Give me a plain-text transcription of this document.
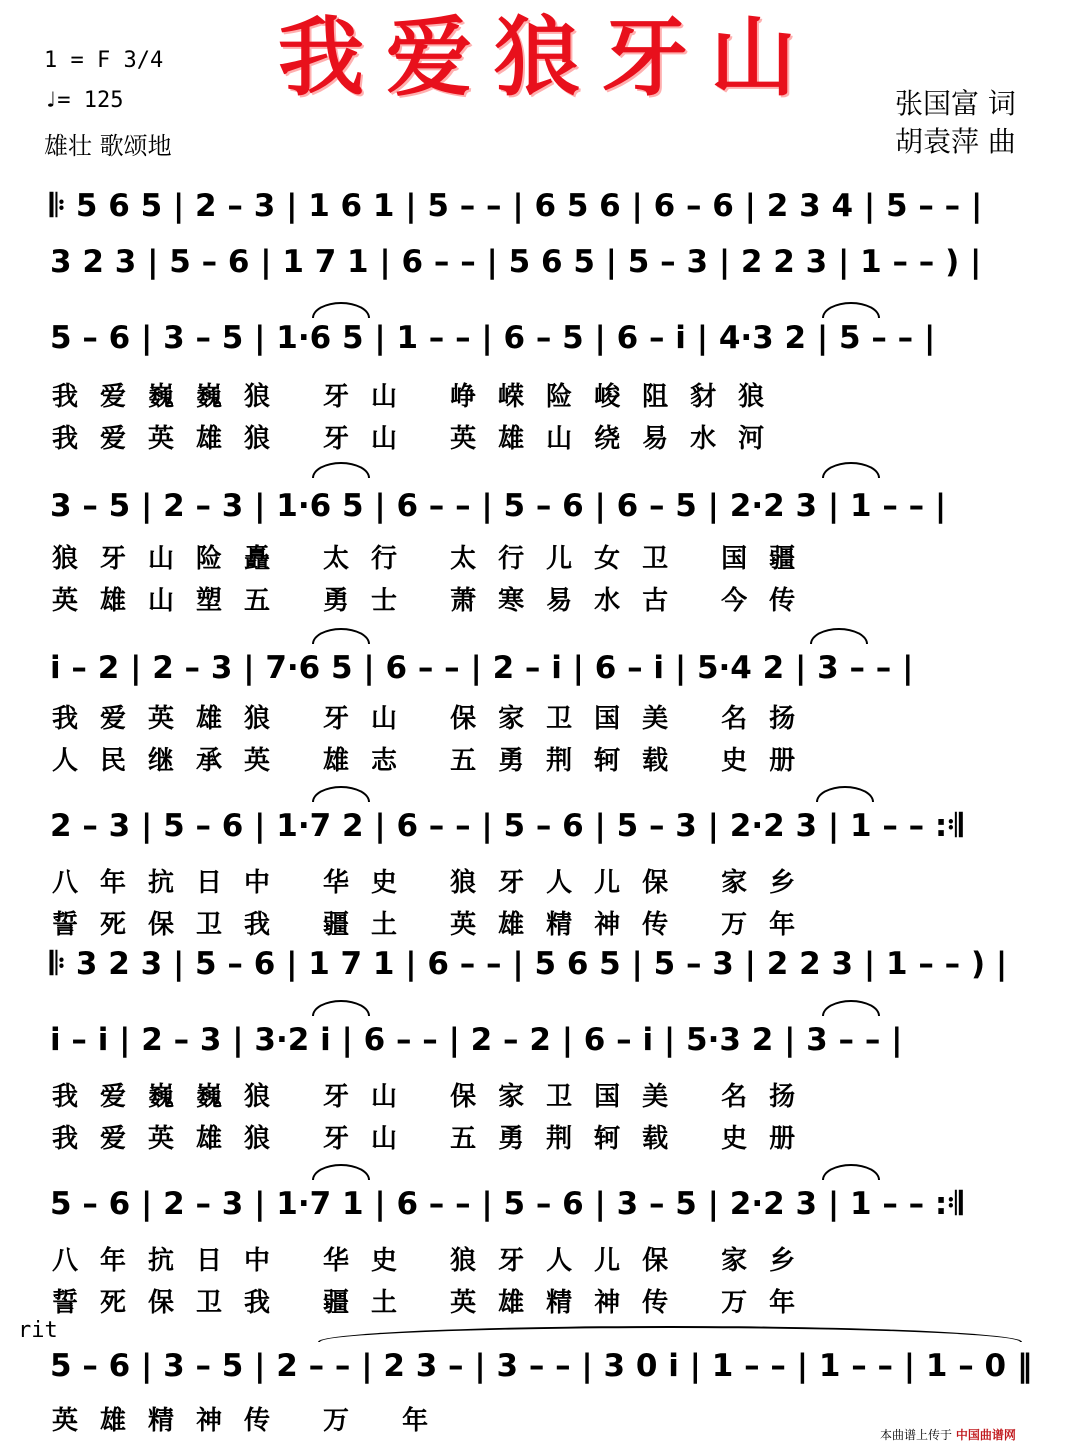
1 = F 3/4
♩= 125
雄壮 歌颂地
我爱狼牙山	张国富 词
胡袁萍 曲
𝄆 5 6 5 | 2 – 3 | 1 6 1 | 5 – – | 6 5 6 | 6 – 6 | 2 3 4 | 5 – – |
3 2 3 | 5 – 6 | 1 7 1 | 6 – – | 5 6 5 | 5 – 3 | 2 2 3 | 1 – – ) |
5 – 6 | 3 – 5 | 1·6 5 | 1 – – | 6 – 5 | 6 – i | 4·3 2 | 5 – – |
我爱巍巍狼 牙山 峥嵘险峻阻豺狼
我爱英雄狼 牙山 英雄山绕易水河
3 – 5 | 2 – 3 | 1·6 5 | 6 – – | 5 – 6 | 6 – 5 | 2·2 3 | 1 – – |
狼牙山险矗 太行 太行儿女卫 国疆
英雄山塑五 勇士 萧寒易水古 今传
i – 2 | 2 – 3 | 7·6 5 | 6 – – | 2 – i | 6 – i | 5·4 2 | 3 – – |
我爱英雄狼 牙山 保家卫国美 名扬
人民继承英 雄志 五勇荆轲载 史册
2 – 3 | 5 – 6 | 1·7 2 | 6 – – | 5 – 6 | 5 – 3 | 2·2 3 | 1 – – :𝄇
八年抗日中 华史 狼牙人儿保 家乡
誓死保卫我 疆土 英雄精神传 万年
𝄆 3 2 3 | 5 – 6 | 1 7 1 | 6 – – | 5 6 5 | 5 – 3 | 2 2 3 | 1 – – ) |
i – i | 2 – 3 | 3·2 i | 6 – – | 2 – 2 | 6 – i | 5·3 2 | 3 – – |
我爱巍巍狼 牙山 保家卫国美 名扬
我爱英雄狼 牙山 五勇荆轲载 史册
5 – 6 | 2 – 3 | 1·7 1 | 6 – – | 5 – 6 | 3 – 5 | 2·2 3 | 1 – – :𝄇
八年抗日中 华史 狼牙人儿保 家乡
誓死保卫我 疆土 英雄精神传 万年
5 – 6 | 3 – 5 | 2 – – | 2 3 – | 3 – – | 3 0 i | 1 – – | 1 – – | 1 – 0 ‖
英雄精神传 万 年
rit
本曲谱上传于 中国曲谱网
